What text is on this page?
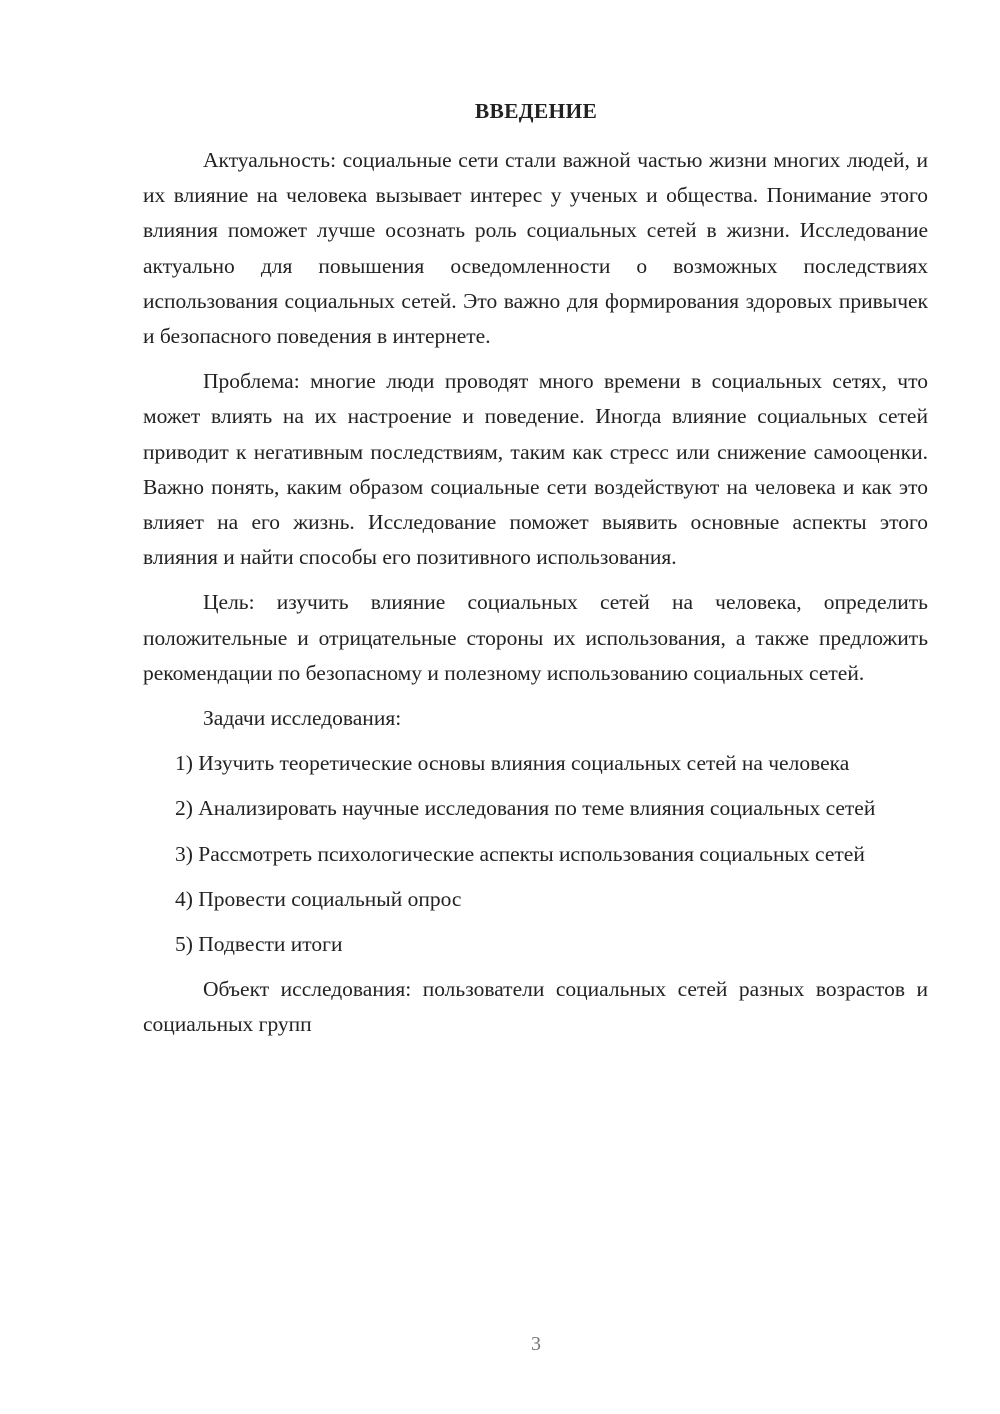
ВВЕДЕНИЕ

Актуальность: социальные сети стали важной частью жизни многих людей, и их влияние на человека вызывает интерес у ученых и общества. Понимание этого влияния поможет лучше осознать роль социальных сетей в жизни. Исследование актуально для повышения осведомленности о возможных последствиях использования социальных сетей. Это важно для формирования здоровых привычек и безопасного поведения в интернете.

Проблема: многие люди проводят много времени в социальных сетях, что может влиять на их настроение и поведение. Иногда влияние социальных сетей приводит к негативным последствиям, таким как стресс или снижение самооценки. Важно понять, каким образом социальные сети воздействуют на человека и как это влияет на его жизнь. Исследование поможет выявить основные аспекты этого влияния и найти способы его позитивного использования.

Цель: изучить влияние социальных сетей на человека, определить положительные и отрицательные стороны их использования, а также предложить рекомендации по безопасному и полезному использованию социальных сетей.

Задачи исследования:

1) Изучить теоретические основы влияния социальных сетей на человека

2) Анализировать научные исследования по теме влияния социальных сетей

3) Рассмотреть психологические аспекты использования социальных сетей

4) Провести социальный опрос

5) Подвести итоги

Объект исследования: пользователи социальных сетей разных возрастов и социальных групп

3
